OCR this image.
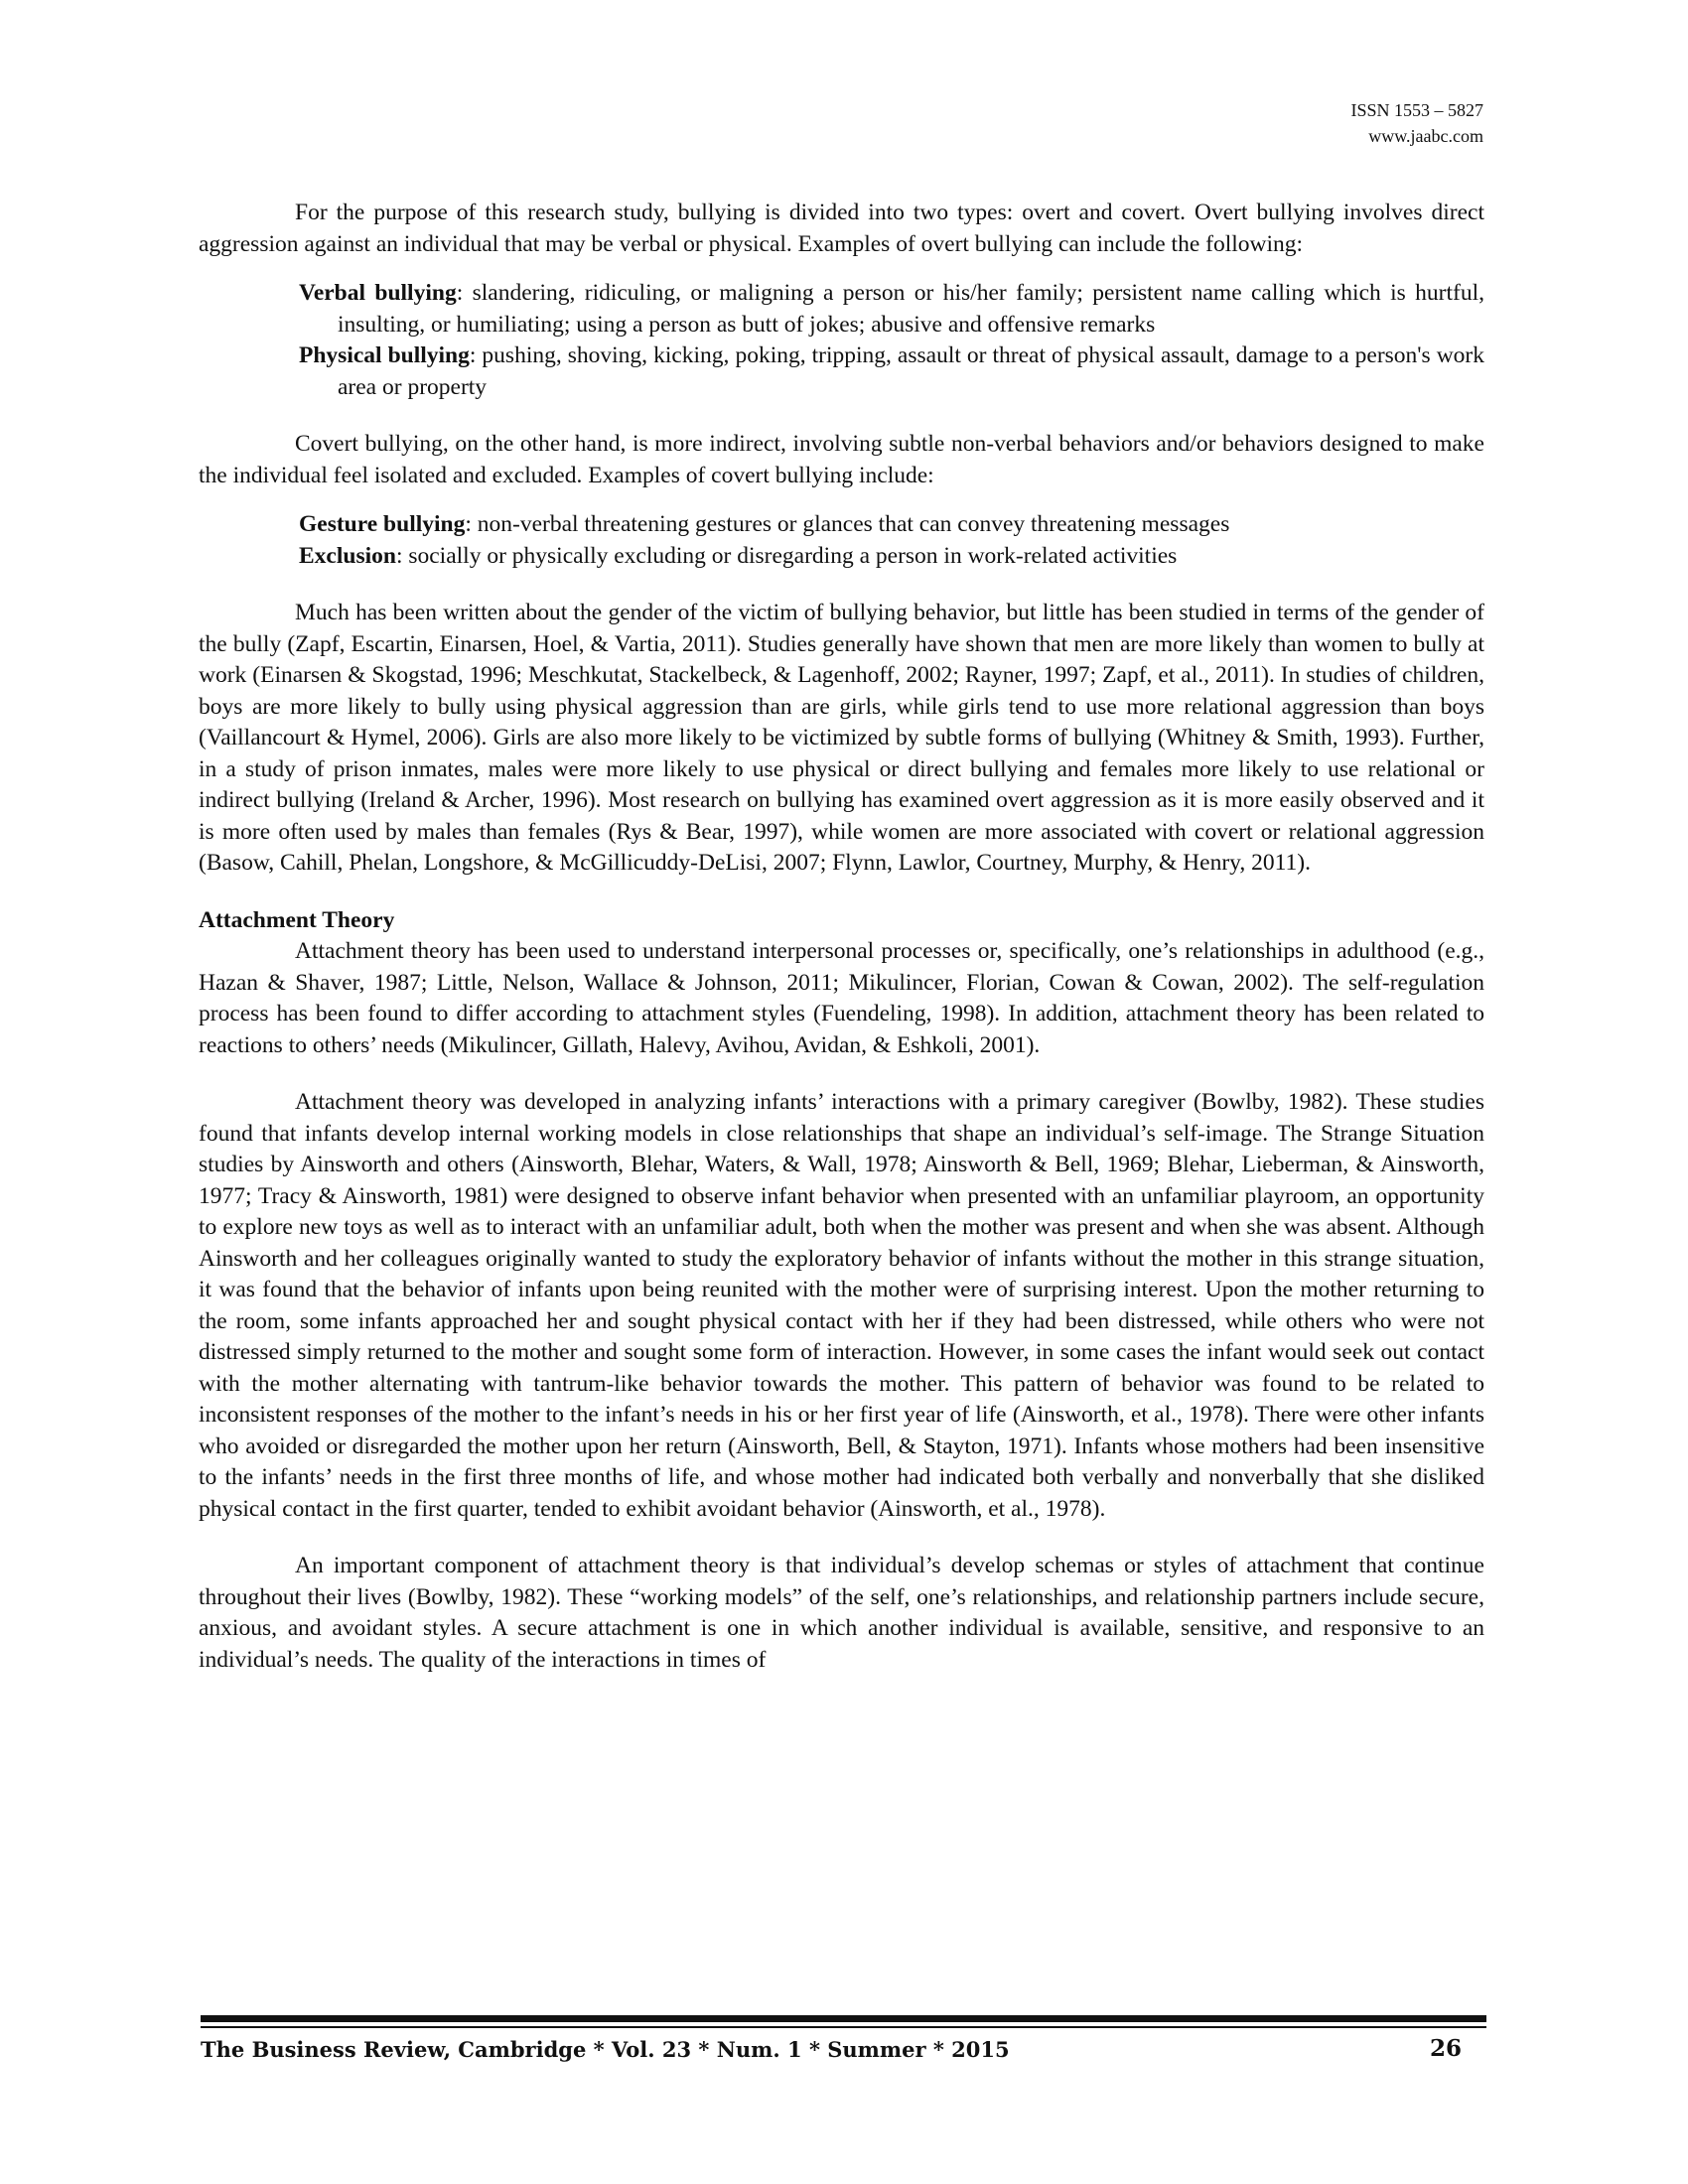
ISSN 1553 – 5827
www.jaabc.com

For the purpose of this research study, bullying is divided into two types: overt and covert. Overt bullying involves direct aggression against an individual that may be verbal or physical. Examples of overt bullying can include the following:

Verbal bullying: slandering, ridiculing, or maligning a person or his/her family; persistent name calling which is hurtful, insulting, or humiliating; using a person as butt of jokes; abusive and offensive remarks
Physical bullying: pushing, shoving, kicking, poking, tripping, assault or threat of physical assault, damage to a person's work area or property

Covert bullying, on the other hand, is more indirect, involving subtle non-verbal behaviors and/or behaviors designed to make the individual feel isolated and excluded. Examples of covert bullying include:

Gesture bullying: non-verbal threatening gestures or glances that can convey threatening messages
Exclusion: socially or physically excluding or disregarding a person in work-related activities

Much has been written about the gender of the victim of bullying behavior, but little has been studied in terms of the gender of the bully (Zapf, Escartin, Einarsen, Hoel, & Vartia, 2011). Studies generally have shown that men are more likely than women to bully at work (Einarsen & Skogstad, 1996; Meschkutat, Stackelbeck, & Lagenhoff, 2002; Rayner, 1997; Zapf, et al., 2011). In studies of children, boys are more likely to bully using physical aggression than are girls, while girls tend to use more relational aggression than boys (Vaillancourt & Hymel, 2006). Girls are also more likely to be victimized by subtle forms of bullying (Whitney & Smith, 1993). Further, in a study of prison inmates, males were more likely to use physical or direct bullying and females more likely to use relational or indirect bullying (Ireland & Archer, 1996). Most research on bullying has examined overt aggression as it is more easily observed and it is more often used by males than females (Rys & Bear, 1997), while women are more associated with covert or relational aggression (Basow, Cahill, Phelan, Longshore, & McGillicuddy-DeLisi, 2007; Flynn, Lawlor, Courtney, Murphy, & Henry, 2011).

Attachment Theory

Attachment theory has been used to understand interpersonal processes or, specifically, one’s relationships in adulthood (e.g., Hazan & Shaver, 1987; Little, Nelson, Wallace & Johnson, 2011; Mikulincer, Florian, Cowan & Cowan, 2002). The self-regulation process has been found to differ according to attachment styles (Fuendeling, 1998). In addition, attachment theory has been related to reactions to others’ needs (Mikulincer, Gillath, Halevy, Avihou, Avidan, & Eshkoli, 2001).

Attachment theory was developed in analyzing infants’ interactions with a primary caregiver (Bowlby, 1982). These studies found that infants develop internal working models in close relationships that shape an individual’s self-image. The Strange Situation studies by Ainsworth and others (Ainsworth, Blehar, Waters, & Wall, 1978; Ainsworth & Bell, 1969; Blehar, Lieberman, & Ainsworth, 1977; Tracy & Ainsworth, 1981) were designed to observe infant behavior when presented with an unfamiliar playroom, an opportunity to explore new toys as well as to interact with an unfamiliar adult, both when the mother was present and when she was absent. Although Ainsworth and her colleagues originally wanted to study the exploratory behavior of infants without the mother in this strange situation, it was found that the behavior of infants upon being reunited with the mother were of surprising interest. Upon the mother returning to the room, some infants approached her and sought physical contact with her if they had been distressed, while others who were not distressed simply returned to the mother and sought some form of interaction. However, in some cases the infant would seek out contact with the mother alternating with tantrum-like behavior towards the mother. This pattern of behavior was found to be related to inconsistent responses of the mother to the infant’s needs in his or her first year of life (Ainsworth, et al., 1978). There were other infants who avoided or disregarded the mother upon her return (Ainsworth, Bell, & Stayton, 1971). Infants whose mothers had been insensitive to the infants’ needs in the first three months of life, and whose mother had indicated both verbally and nonverbally that she disliked physical contact in the first quarter, tended to exhibit avoidant behavior (Ainsworth, et al., 1978).

An important component of attachment theory is that individual’s develop schemas or styles of attachment that continue throughout their lives (Bowlby, 1982). These “working models” of the self, one’s relationships, and relationship partners include secure, anxious, and avoidant styles. A secure attachment is one in which another individual is available, sensitive, and responsive to an individual’s needs. The quality of the interactions in times of

The Business Review, Cambridge * Vol. 23 * Num. 1 * Summer * 2015	26
